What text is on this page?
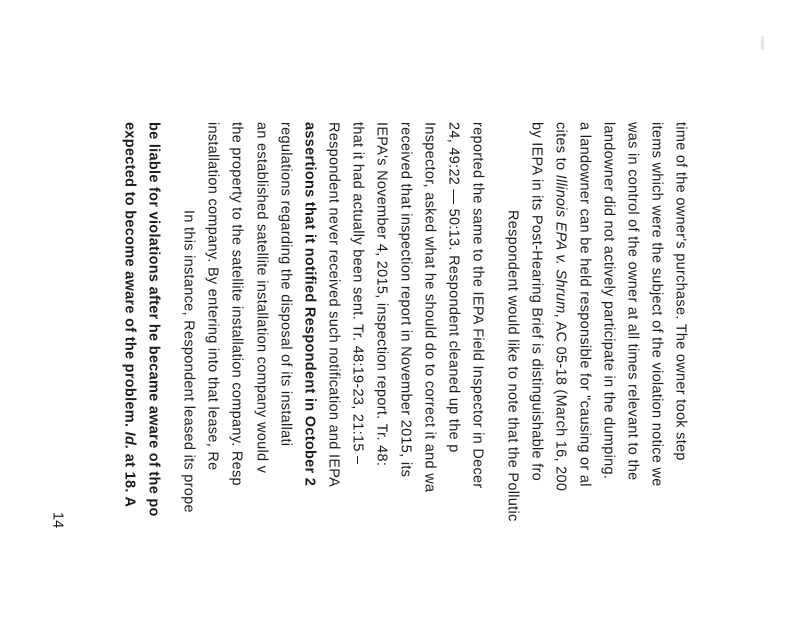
expected to become aware of the problem. Id. at 18. A be liable for violations after he became aware of the po In this instance, Respondent leased its prope installation company. By entering into that lease, Re the property to the satellite installation company. Resp an established satellite installation company would v regulations regarding the disposal of its installati assertions that it notified Respondent in October 2 Respondent never received such notification and IEPA that it had actually been sent. Tr. 48:19-23, 21:15 – IEPA's November 4, 2015, inspection report. Tr. 48: received that inspection report in November 2015, its Inspector, asked what he should do to correct it and wa 24, 49:22 — 50:13. Respondent cleaned up the p reported the same to the IEPA Field Inspector in Decer Respondent would like to note that the Pollutic by IEPA in its Post-Hearing Brief is distinguishable fro cites to Illinois EPA v. Shrum, AC 05-18 (March 16, 200 a landowner can be held responsible for "causing or al landowner did not actively participate in the dumping. was in control of the owner at all times relevant to the items which were the subject of the violation notice we time of the owner's purchase. The owner took step

14
